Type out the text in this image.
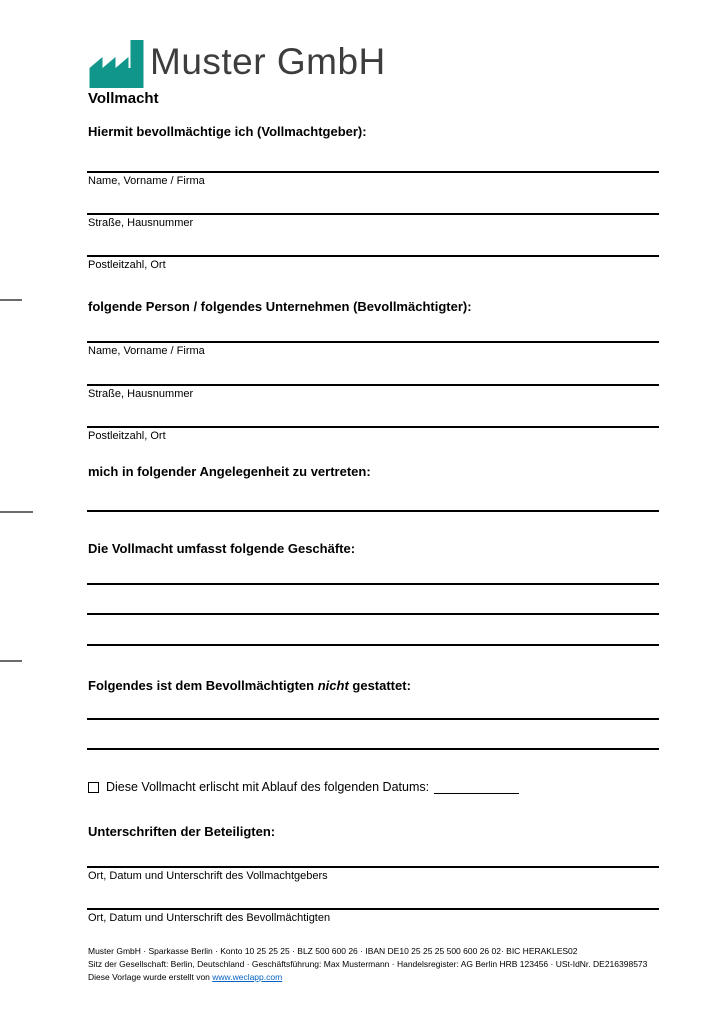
Muster GmbH
Vollmacht
Hiermit bevollmächtige ich (Vollmachtgeber):
Name, Vorname / Firma
Straße, Hausnummer
Postleitzahl, Ort
folgende Person / folgendes Unternehmen (Bevollmächtigter):
Name, Vorname / Firma
Straße, Hausnummer
Postleitzahl, Ort
mich in folgender Angelegenheit zu vertreten:
Die Vollmacht umfasst folgende Geschäfte:
Folgendes ist dem Bevollmächtigten nicht gestattet:
Diese Vollmacht erlischt mit Ablauf des folgenden Datums:
Unterschriften der Beteiligten:
Ort, Datum und Unterschrift des Vollmachtgebers
Ort, Datum und Unterschrift des Bevollmächtigten
Muster GmbH · Sparkasse Berlin · Konto 10 25 25 25 · BLZ 500 600 26 · IBAN DE10 25 25 25 500 600 26 02· BIC HERAKLES02
Sitz der Gesellschaft: Berlin, Deutschland · Geschäftsführung: Max Mustermann · Handelsregister: AG Berlin HRB 123456 · USt-IdNr. DE216398573
Diese Vorlage wurde erstellt von www.weclapp.com
